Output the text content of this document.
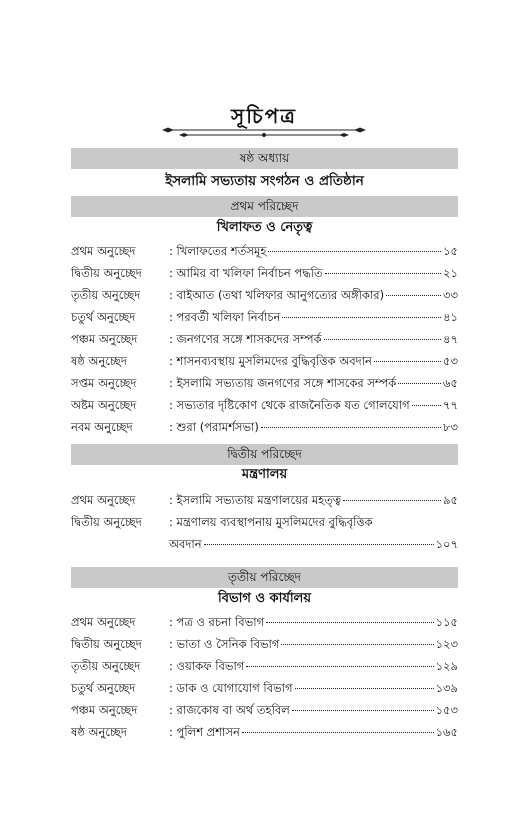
সূচিপত্র
ষষ্ঠ অধ্যায়
ইসলামি সভ্যতায় সংগঠন ও প্রতিষ্ঠান
প্রথম পরিচ্ছেদ
খিলাফত ও নেতৃত্ব
প্রথম অনুচ্ছেদ	: খিলাফতের শর্তসমূহ	১৫
দ্বিতীয় অনুচ্ছেদ : আমির বা খলিফা নির্বাচন পদ্ধতি	২১
তৃতীয় অনুচ্ছেদ : বাইআত (তথা খলিফার আনুগত্যের অঙ্গীকার)	৩৩
চতুর্থ অনুচ্ছেদ	: পরবর্তী খলিফা নির্বাচন	৪১
পঞ্চম অনুচ্ছেদ	: জনগণের সঙ্গে শাসকদের সম্পর্ক	৪৭
ষষ্ঠ অনুচ্ছেদ	: শাসনব্যবস্থায় মুসলিমদের বুদ্ধিবৃত্তিক অবদান	৫৩
সপ্তম অনুচ্ছেদ	: ইসলামি সভ্যতায় জনগণের সঙ্গে শাসকের সম্পর্ক	৬৫
অষ্টম অনুচ্ছেদ	: সভ্যতার দৃষ্টিকোণ থেকে রাজনৈতিক যত গোলযোগ	৭৭
নবম অনুচ্ছেদ	: শুরা (পরামর্শসভা)	৮৩
দ্বিতীয় পরিচ্ছেদ
মন্ত্রণালয়
প্রথম অনুচ্ছেদ	: ইসলামি সভ্যতায় মন্ত্রণালয়ের মহত্ত্ব	৯৫
দ্বিতীয় অনুচ্ছেদ : মন্ত্রণালয় ব্যবস্থাপনায় মুসলিমদের বুদ্ধিবৃত্তিক
অবদান	১০৭
তৃতীয় পরিচ্ছেদ
বিভাগ ও কার্যালয়
প্রথম অনুচ্ছেদ	: পত্র ও রচনা বিভাগ	১১৫
দ্বিতীয় অনুচ্ছেদ : ভাতা ও সৈনিক বিভাগ	১২৩
তৃতীয় অনুচ্ছেদ : ওয়াকফ বিভাগ	১২৯
চতুর্থ অনুচ্ছেদ	: ডাক ও যোগাযোগ বিভাগ	১৩৯
পঞ্চম অনুচ্ছেদ	: রাজকোষ বা অর্থ তহবিল	১৫৩
ষষ্ঠ অনুচ্ছেদ	: পুলিশ প্রশাসন	১৬৫
